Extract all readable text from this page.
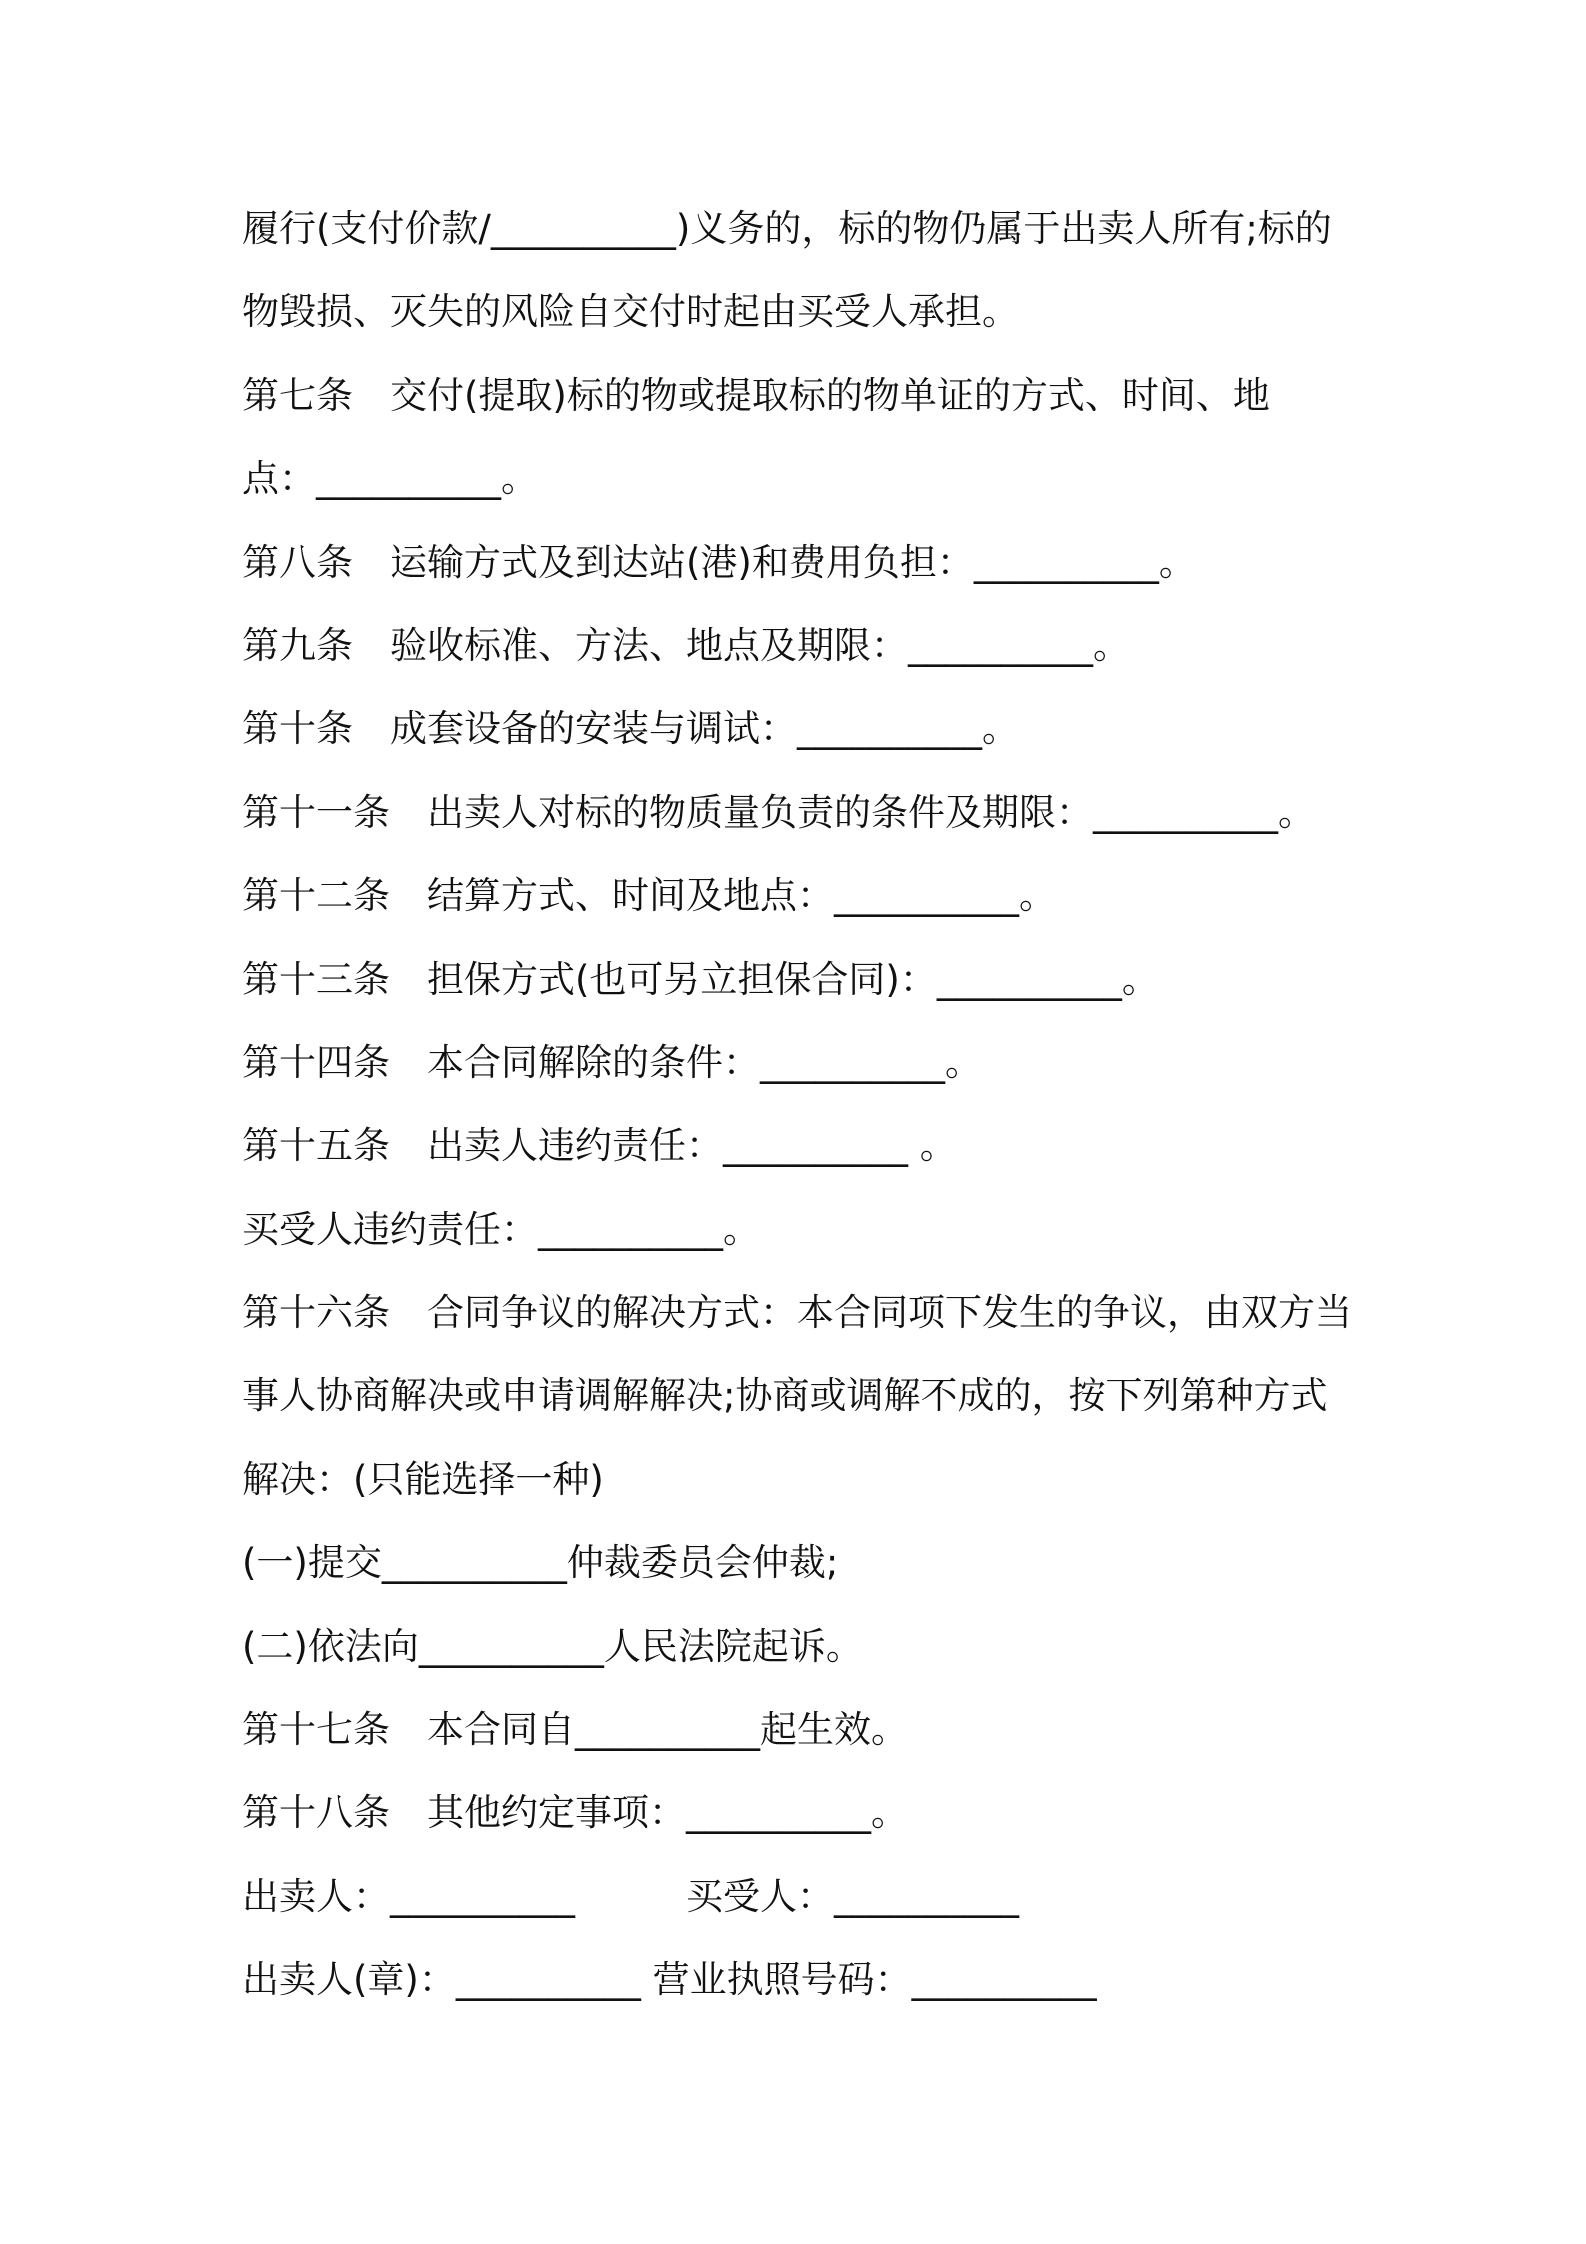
履行(支付价款/__________)义务的，标的物仍属于出卖人所有;标的
物毁损、灭失的风险自交付时起由买受人承担。
第七条　交付(提取)标的物或提取标的物单证的方式、时间、地
点：__________。
第八条　运输方式及到达站(港)和费用负担：__________。
第九条　验收标准、方法、地点及期限：__________。
第十条　成套设备的安装与调试：__________。
第十一条　出卖人对标的物质量负责的条件及期限：__________。
第十二条　结算方式、时间及地点：__________。
第十三条　担保方式(也可另立担保合同)：__________。
第十四条　本合同解除的条件：__________。
第十五条　出卖人违约责任：__________ 。
买受人违约责任：__________。
第十六条　合同争议的解决方式：本合同项下发生的争议，由双方当
事人协商解决或申请调解解决;协商或调解不成的，按下列第种方式
解决：(只能选择一种)
(一)提交__________仲裁委员会仲裁;
(二)依法向__________人民法院起诉。
第十七条　本合同自__________起生效。
第十八条　其他约定事项：__________。
出卖人：__________　　　买受人：__________
出卖人(章)：__________ 营业执照号码：__________
